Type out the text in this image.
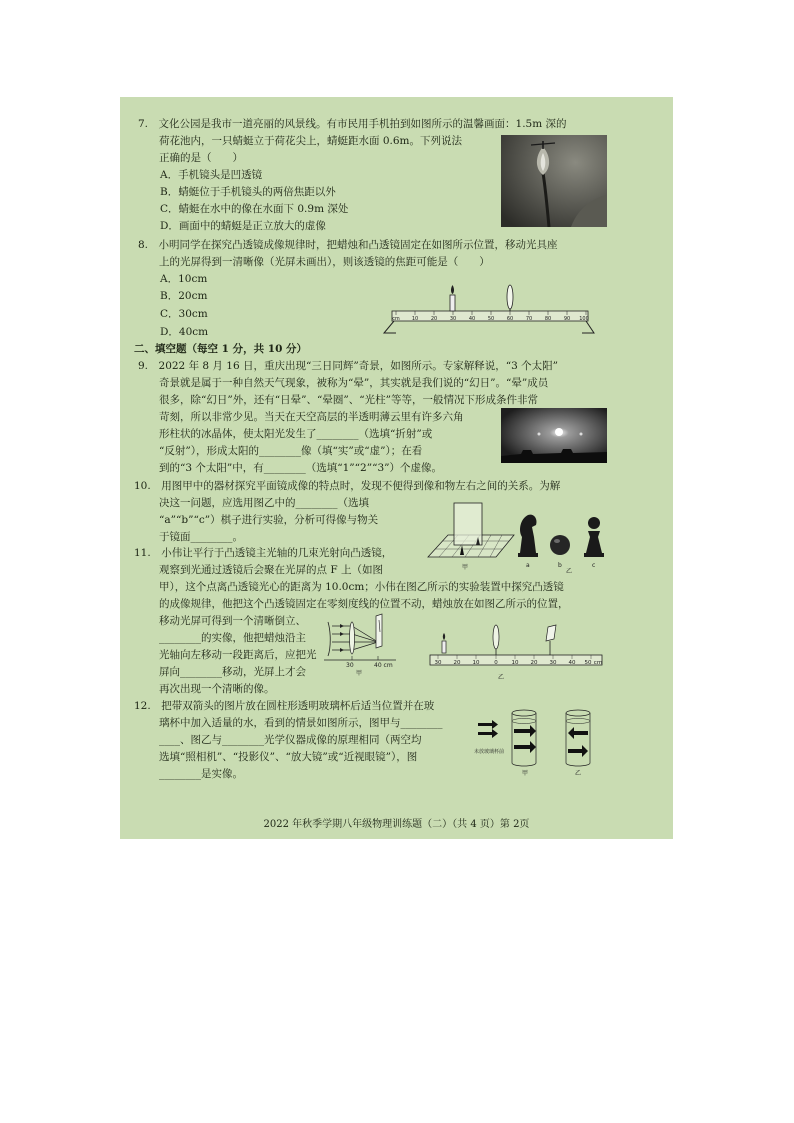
7.　文化公园是我市一道亮丽的风景线。有市民用手机拍到如图所示的温馨画面：1.5m 深的
　　荷花池内，一只蜻蜓立于荷花尖上，蜻蜓距水面 0.6m。下列说法
　　正确的是（　　）
A．手机镜头是凹透镜
B．蜻蜓位于手机镜头的两倍焦距以外
C．蜻蜓在水中的像在水面下 0.9m 深处
D．画面中的蜻蜓是正立放大的虚像
8.　小明同学在探究凸透镜成像规律时，把蜡烛和凸透镜固定在如图所示位置，移动光具座
　　上的光屏得到一清晰像（光屏未画出），则该透镜的焦距可能是（　　）
A．10cm
B．20cm
C．30cm
D．40cm
cm 10	20	30	40	50	60	70	80	90 100
二、填空题（每空 1 分，共 10 分）
9.　2022 年 8 月 16 日，重庆出现“三日同辉”奇景，如图所示。专家解释说，“3 个太阳”
　　奇景就是属于一种自然天气现象，被称为“晕”，其实就是我们说的“幻日”。“晕”成员
　　很多，除“幻日”外，还有“日晕”、“晕圈”、“光柱”等等，一般情况下形成条件非常
　　苛刻，所以非常少见。当天在天空高层的半透明薄云里有许多六角
　　形柱状的冰晶体，使太阳光发生了________（选填“折射”或
　　“反射”），形成太阳的________像（填“实”或“虚”）；在看
　　到的“3 个太阳”中，有________（选填“1”“2”“3”）个虚像。
10.　用图甲中的器材探究平面镜成像的特点时，发现不便得到像和物左右之间的关系。为解
　　决这一问题，应选用图乙中的________（选填
　　“a”“b”“c”）棋子进行实验，分析可得像与物关
　　于镜面________。
甲	a	b	c
乙
11.　小伟让平行于凸透镜主光轴的几束光射向凸透镜，
　　观察到光通过透镜后会聚在光屏的点 F 上（如图
　　甲），这个点离凸透镜光心的距离为 10.0cm；小伟在图乙所示的实验装置中探究凸透镜
　　的成像规律，他把这个凸透镜固定在零刻度线的位置不动，蜡烛放在如图乙所示的位置，
　　移动光屏可得到一个清晰倒立、
　　________的实像，他把蜡烛沿主
　　光轴向左移动一段距离后，应把光
　　屏向________移动，光屏上才会
　　再次出现一个清晰的像。
30	40 cm
甲
30 20 10	0	10 20 30 40 50 cm
乙
12.　把带双箭头的图片放在圆柱形透明玻璃杯后适当位置并在玻
　　璃杯中加入适量的水，看到的情景如图所示，图甲与________
　　____、图乙与________光学仪器成像的原理相同（两空均
　　选填“照相机”、“投影仪”、“放大镜”或“近视眼镜”），图
　　________是实像。
未放玻璃杯前
甲	乙
2022 年秋季学期八年级物理训练题（二）（共 4 页）第 2页
